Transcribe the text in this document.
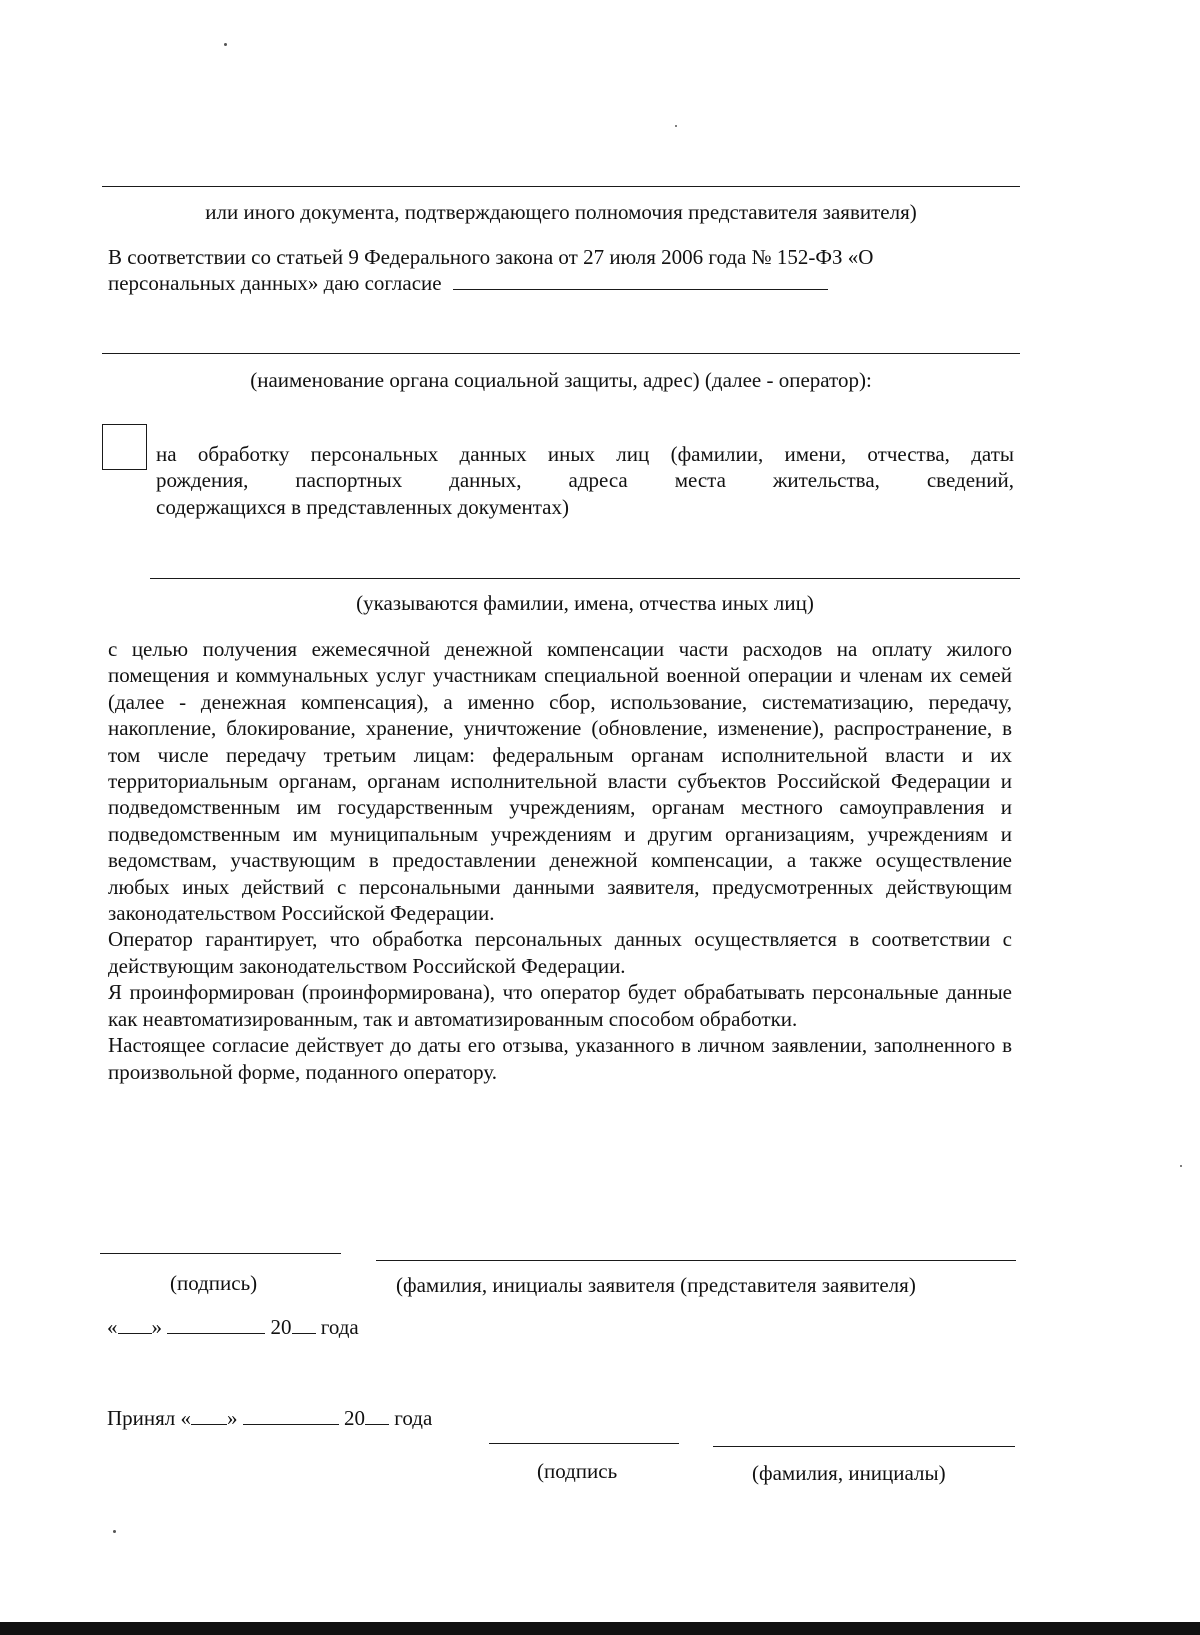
или иного документа, подтверждающего полномочия представителя заявителя)
В соответствии со статьей 9 Федерального закона от 27 июля 2006 года № 152-ФЗ «О
персональных данных» даю согласие
(наименование органа социальной защиты, адрес) (далее - оператор):

на обработку персональных данных иных лиц (фамилии, имени, отчества, даты

рождения, паспортных данных, адреса места жительства, сведений,

содержащихся в представленных документах)

(указываются фамилии, имена, отчества иных лиц)

с целью получения ежемесячной денежной компенсации части расходов на оплату жилого помещения и коммунальных услуг участникам специальной военной операции и членам их семей (далее - денежная компенсация), а именно сбор, использование, систематизацию, передачу, накопление, блокирование, хранение, уничтожение (обновление, изменение), распространение, в том числе передачу третьим лицам: федеральным органам исполнительной власти и их территориальным органам, органам исполнительной власти субъектов Российской Федерации и подведомственным им государственным учреждениям, органам местного самоуправления и подведомственным им муниципальным учреждениям и другим организациям, учреждениям и ведомствам, участвующим в предоставлении денежной компенсации, а также осуществление любых иных действий с персональными данными заявителя, предусмотренных действующим законодательством Российской Федерации.

Оператор гарантирует, что обработка персональных данных осуществляется в соответствии с действующим законодательством Российской Федерации.

Я проинформирован (проинформирована), что оператор будет обрабатывать персональные данные как неавтоматизированным, так и автоматизированным способом обработки.

Настоящее согласие действует до даты его отзыва, указанного в личном заявлении, заполненного в произвольной форме, поданного оператору.

(подпись)	(фамилия, инициалы заявителя (представителя заявителя)
« »	20 года
Принял « »	20 года
(подпись	(фамилия, инициалы)
